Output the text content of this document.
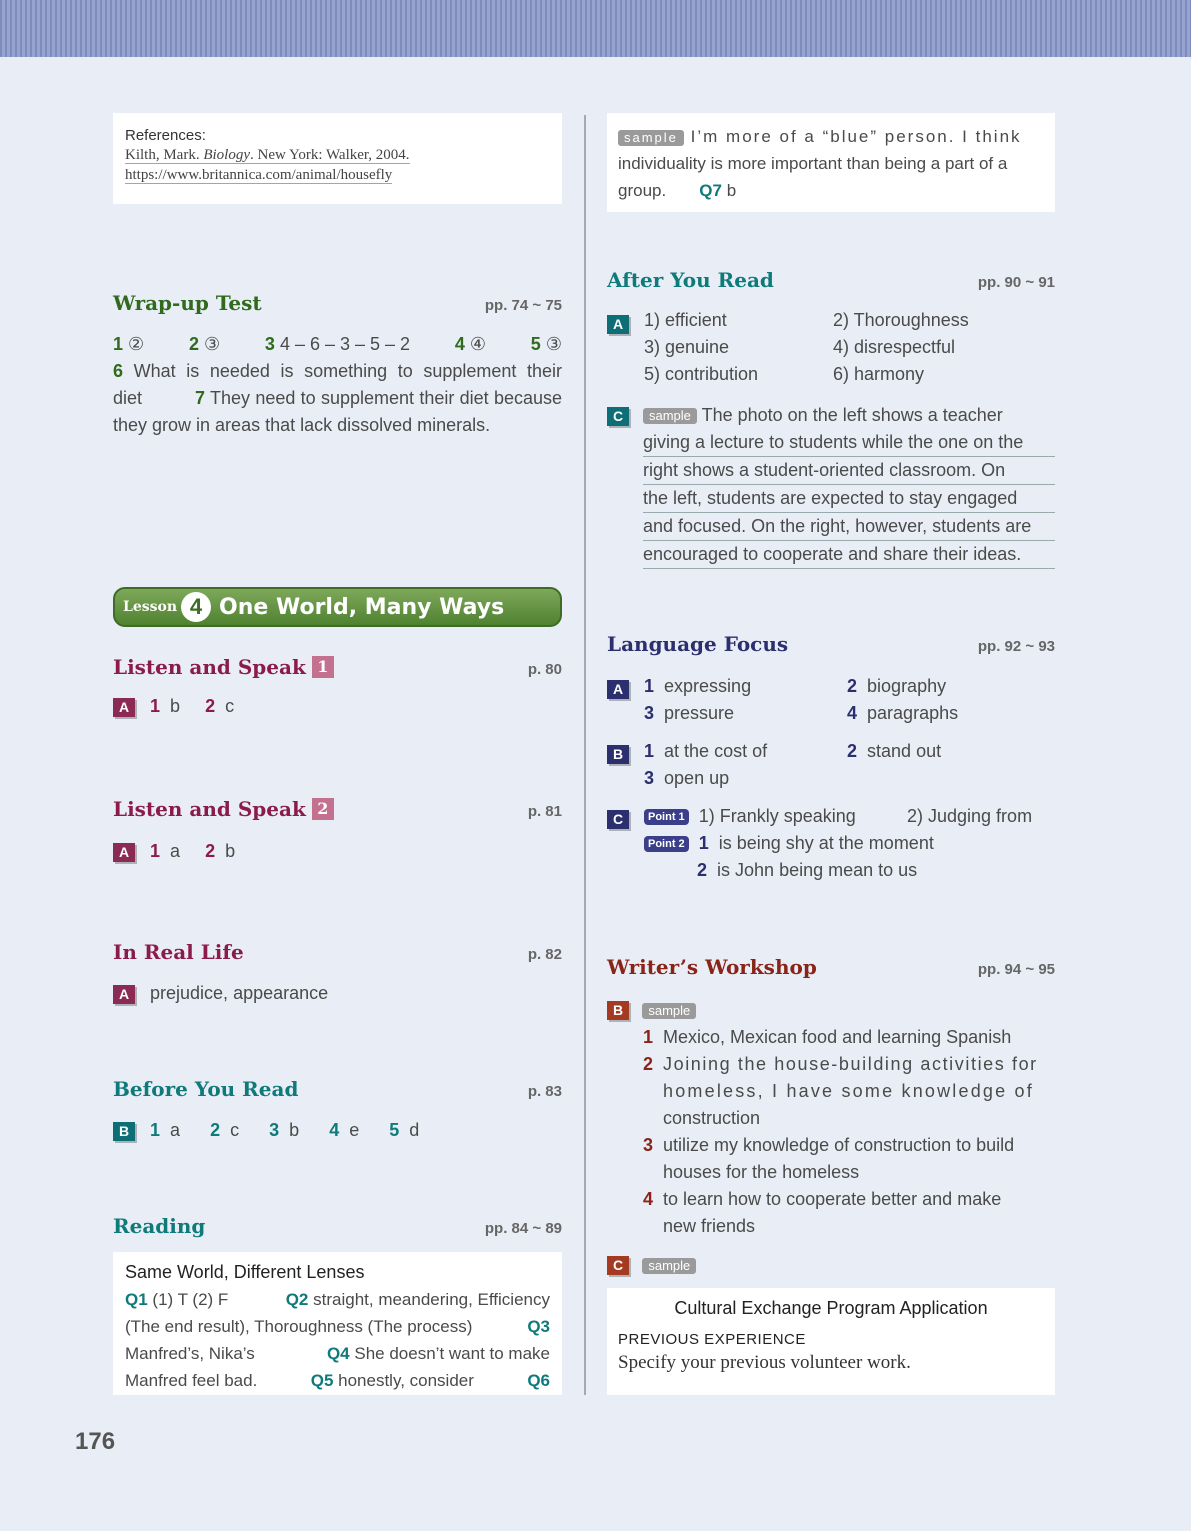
References:
Kilth, Mark. Biology. New York: Walker, 2004.
https://www.britannica.com/animal/housefly
Wrap-up Test	pp. 74 ~ 75
1 ② 2 ③ 3 4 – 6 – 3 – 5 – 2 4 ④ 5 ③
6 What is needed is something to supplement their diet	7 They need to supplement their diet because they grow in areas that lack dissolved minerals.
Lesson 4 One World, Many Ways
Listen and Speak 1	p. 80
A 1 b 2 c
Listen and Speak 2	p. 81
A 1 a 2 b
In Real Life	p. 82
A prejudice, appearance
Before You Read	p. 83
B 1 a 2 c 3 b 4 e 5 d
Reading	pp. 84 ~ 89
Same World, Different Lenses
Q1 (1) T (2) F	Q2 straight, meandering, Efficiency
(The end result), Thoroughness (The process)	Q3
Manfred’s, Nika’s	Q4 She doesn’t want to make
Manfred feel bad.	Q5 honestly, consider	Q6
sample I’m more of a “blue” person. I think
individuality is more important than being a part of a
group. Q7 b
After You Read	pp. 90 ~ 91
A	1) efficient	2) Thoroughness
3) genuine	4) disrespectful
5) contribution	6) harmony
C	sample The photo on the left shows a teacher
giving a lecture to students while the one on the
right shows a student-oriented classroom. On
the left, students are expected to stay engaged
and focused. On the right, however, students are
encouraged to cooperate and share their ideas.
Language Focus	pp. 92 ~ 93
A	1 expressing	2 biography
3 pressure	4 paragraphs
B	1 at the cost of	2 stand out
3 open up
C	Point 1 1) Frankly speaking	2) Judging from
Point 2 1 is being shy at the moment
2 is John being mean to us
Writer’s Workshop	pp. 94 ~ 95
B sample
1 Mexico, Mexican food and learning Spanish
2 Joining the house-building activities for
homeless, I have some knowledge of
construction
3 utilize my knowledge of construction to build
houses for the homeless
4 to learn how to cooperate better and make
new friends
C sample
Cultural Exchange Program Application
PREVIOUS EXPERIENCE
Specify your previous volunteer work.
176
